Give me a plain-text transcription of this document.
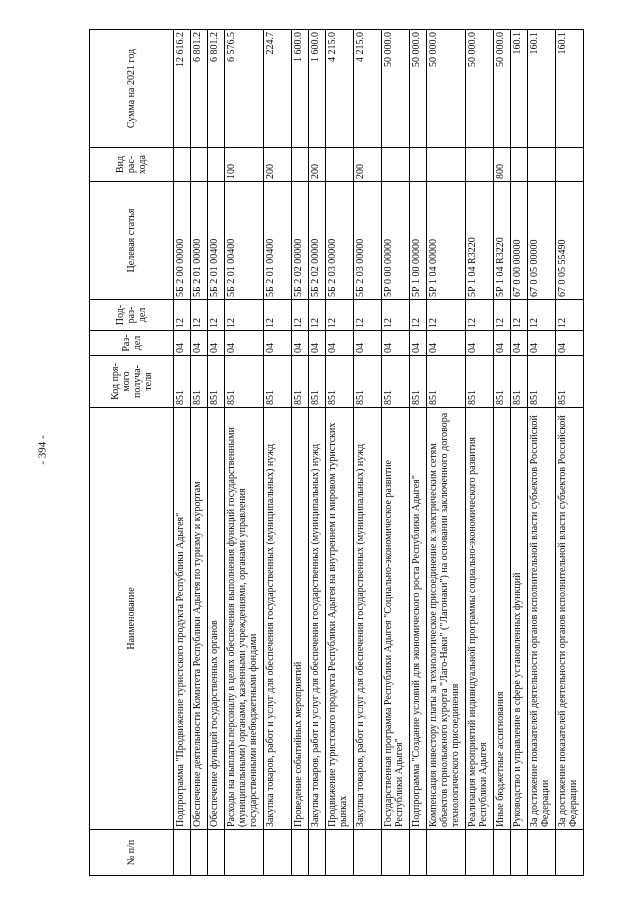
- 394 -
№ п/п	Наименование	Код пря-мого получа-теля	Раз-дел	Под-раз-дел	Целевая статья	Вид рас-хода	Сумма на 2021 год
	Подпрограмма "Продвижение туристского продукта Республики Адыгея"	851	04	12	5Б 2 00 00000		12 616.2
	Обеспечение деятельности Комитета Республики Адыгея по туризму и курортам	851	04	12	5Б 2 01 00000		6 801.2
	Обеспечение функций государственных органов	851	04	12	5Б 2 01 00400		6 801.2
	Расходы на выплаты персоналу в целях обеспечения выполнения функций государственными (муниципальными) органами, казенными учреждениями, органами управления государственными внебюджетными фондами	851	04	12	5Б 2 01 00400	100	6 576.5
	Закупка товаров, работ и услуг для обеспечения государственных (муниципальных) нужд	851	04	12	5Б 2 01 00400	200	224.7
	Проведение событийных мероприятий	851	04	12	5Б 2 02 00000		1 600.0
	Закупка товаров, работ и услуг для обеспечения государственных (муниципальных) нужд	851	04	12	5Б 2 02 00000	200	1 600.0
	Продвижение туристского продукта Республики Адыгея на внутреннем и мировом туристских рынках	851	04	12	5Б 2 03 00000		4 215.0
	Закупка товаров, работ и услуг для обеспечения государственных (муниципальных) нужд	851	04	12	5Б 2 03 00000	200	4 215.0
	Государственная программа Республики Адыгея "Социально-экономическое развитие Республики Адыгея"	851	04	12	5Р 0 00 00000		50 000.0
	Подпрограмма "Создание условий для экономического роста Республики Адыгея"	851	04	12	5Р 1 00 00000		50 000.0
	Компенсация инвестору платы за технологическое присоединение к электрическим сетям объектов горнолыжного курорта "Лаго-Наки" ("Лагонаки") на основании заключенного договора технологического присоединения	851	04	12	5Р 1 04 00000		50 000.0
	Реализация мероприятий индивидуальной программы социально-экономического развития Республики Адыгея	851	04	12	5Р 1 04 R3220		50 000.0
	Иные бюджетные ассигнования	851	04	12	5Р 1 04 R3220	800	50 000.0
	Руководство и управление в сфере установленных функций	851	04	12	67 0 00 00000		160.1
	За достижение показателей деятельности органов исполнительной власти субъектов Российской Федерации	851	04	12	67 0 05 00000		160.1
	За достижение показателей деятельности органов исполнительной власти субъектов Российской Федерации	851	04	12	67 0 05 55490		160.1
